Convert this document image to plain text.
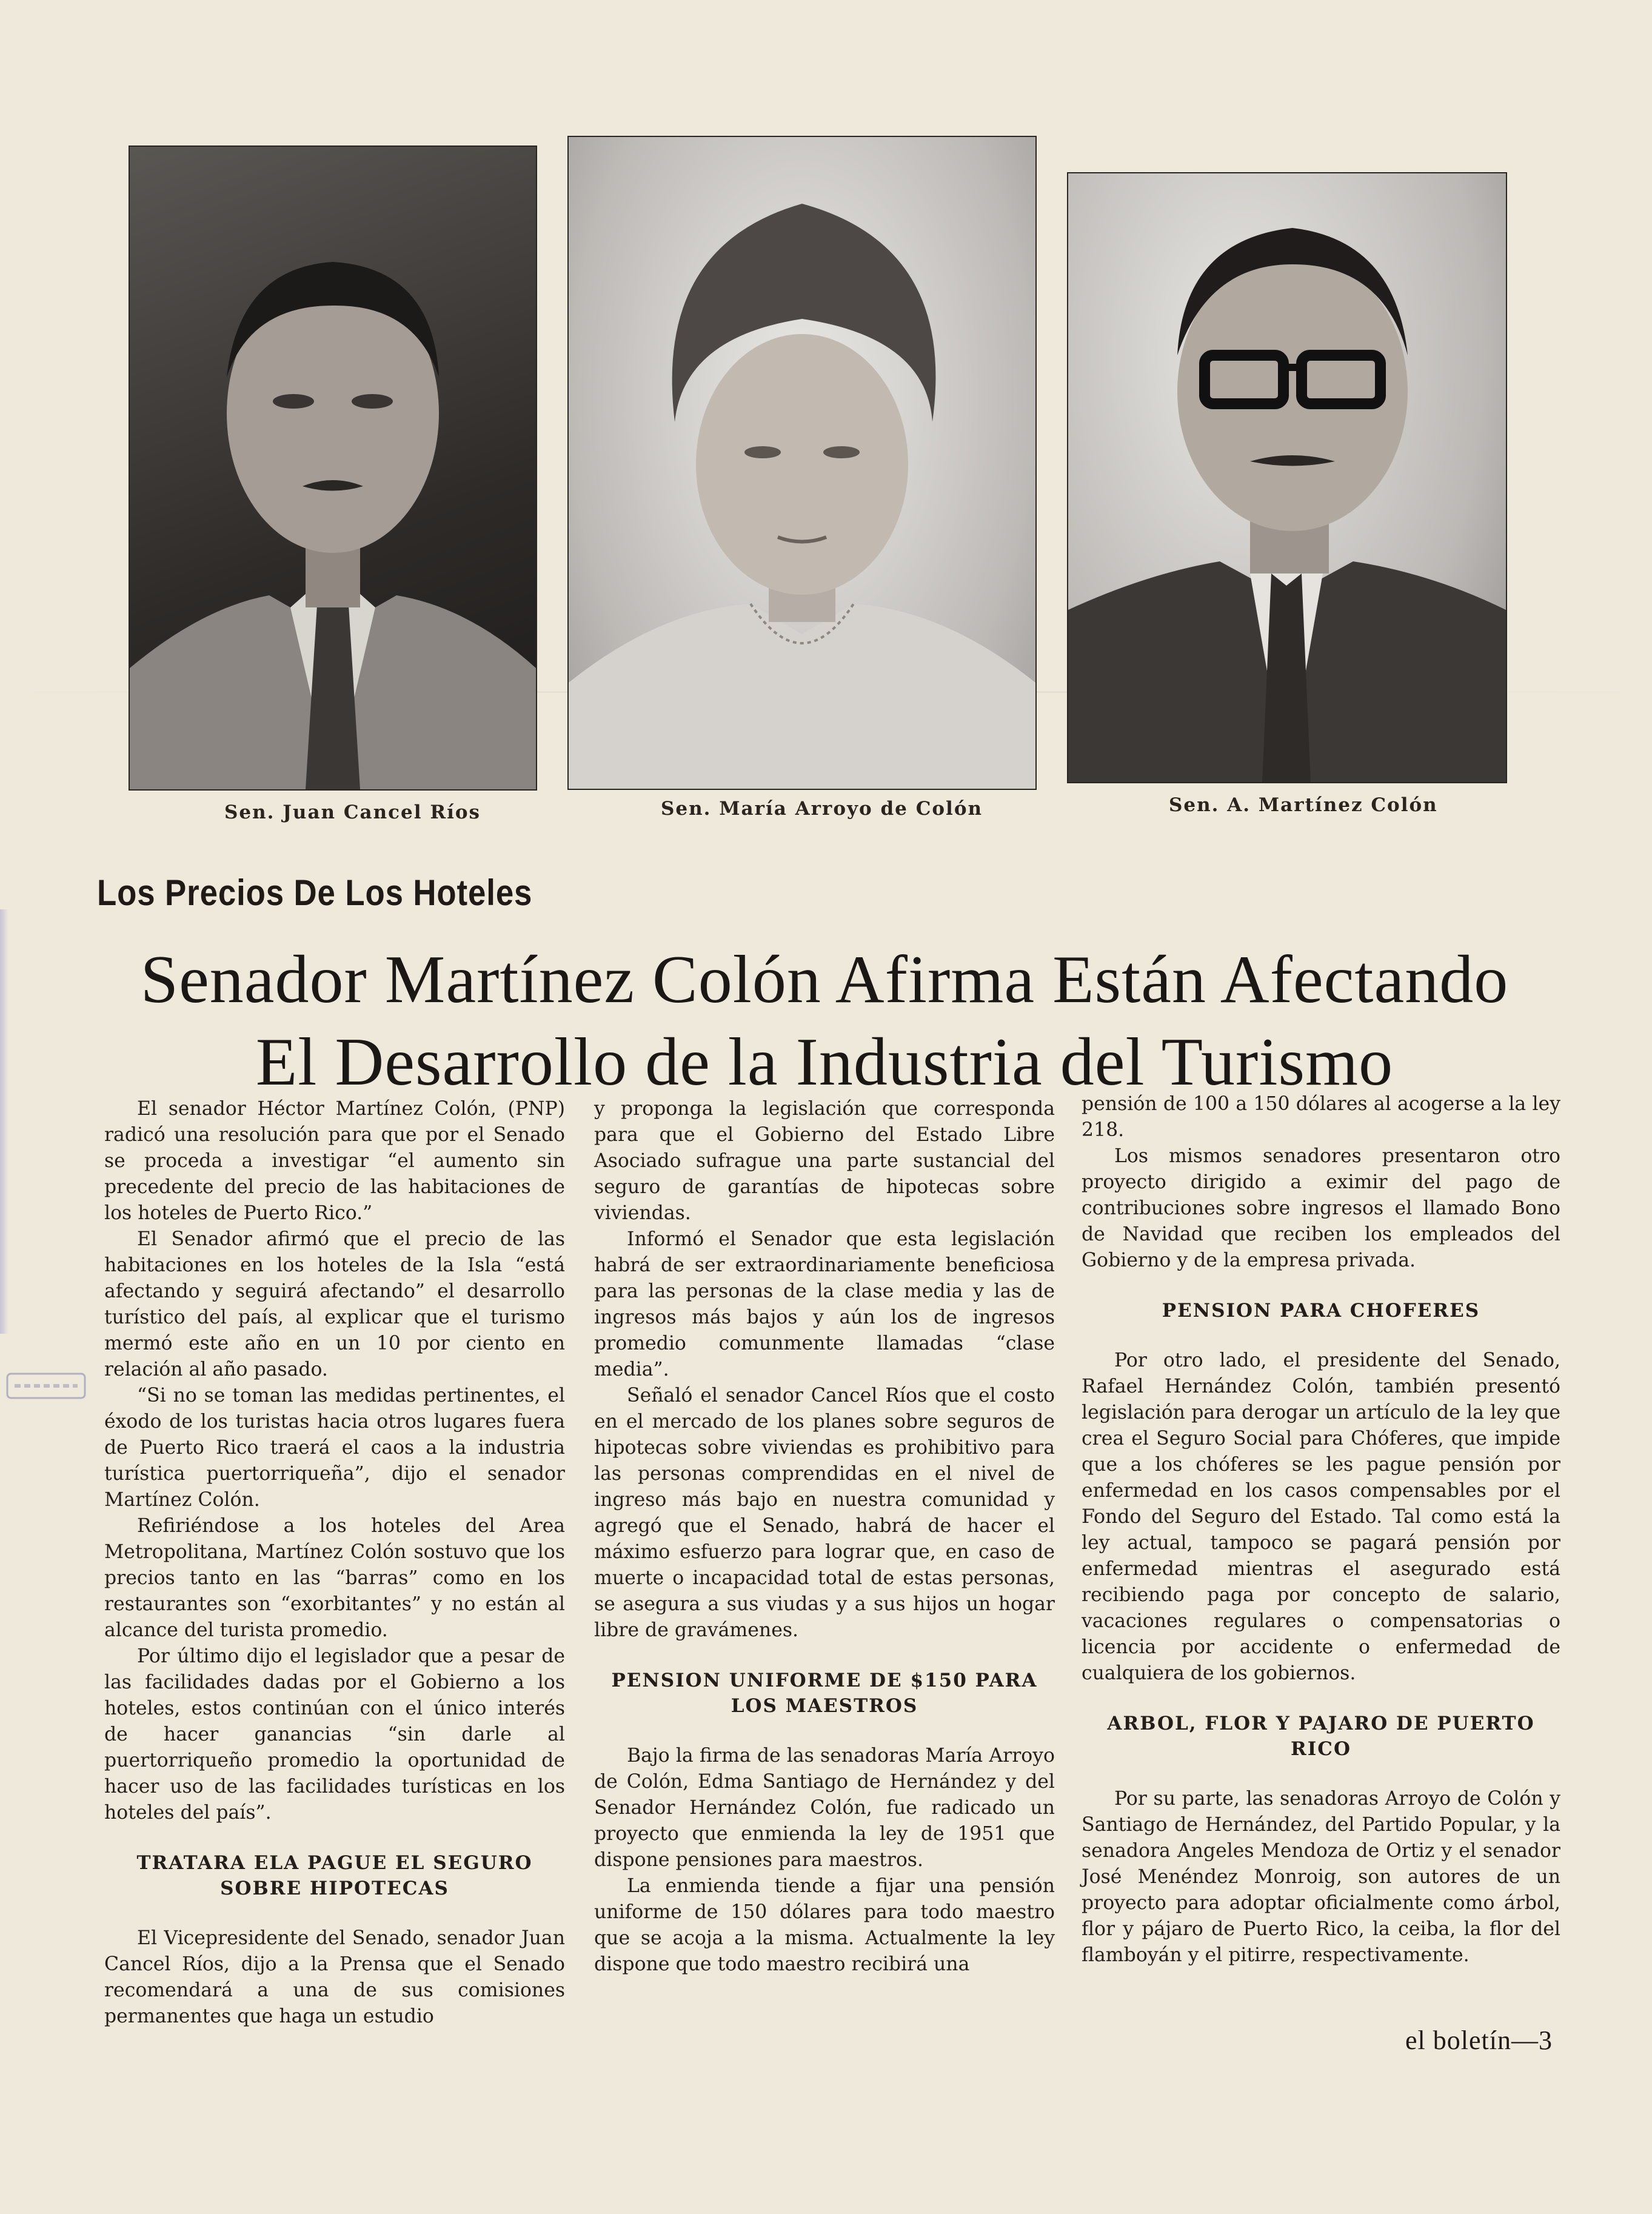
Sen. Juan Cancel Ríos	Sen. María Arroyo de Colón	Sen. A. Martínez Colón
Los Precios De Los Hoteles
Senador Martínez Colón Afirma Están Afectando
El Desarrollo de la Industria del Turismo

El senador Héctor Martínez Colón, (PNP) radicó una resolución para que por el Senado se proceda a investigar “el aumento sin precedente del precio de las habitaciones de los hoteles de Puerto Rico.”

El Senador afirmó que el precio de las habitaciones en los hoteles de la Isla “está afectando y seguirá afectando” el desarrollo turístico del país, al explicar que el turismo mermó este año en un 10 por ciento en relación al año pasado.

“Si no se toman las medidas pertinentes, el éxodo de los turistas hacia otros lugares fuera de Puerto Rico traerá el caos a la industria turística puertorriqueña”, dijo el senador Martínez Colón.

Refiriéndose a los hoteles del Area Metropolitana, Martínez Colón sostuvo que los precios tanto en las “barras” como en los restaurantes son “exorbitantes” y no están al alcance del turista promedio.

Por último dijo el legislador que a pesar de las facilidades dadas por el Gobierno a los hoteles, estos continúan con el único interés de hacer ganancias “sin darle al puertorriqueño promedio la oportunidad de hacer uso de las facilidades turísticas en los hoteles del país”.

TRATARA ELA PAGUE EL SEGURO SOBRE HIPOTECAS

El Vicepresidente del Senado, senador Juan Cancel Ríos, dijo a la Prensa que el Senado recomendará a una de sus comisiones permanentes que haga un estudio

y proponga la legislación que corresponda para que el Gobierno del Estado Libre Asociado sufrague una parte sustancial del seguro de garantías de hipotecas sobre viviendas.

Informó el Senador que esta legislación habrá de ser extraordinariamente beneficiosa para las personas de la clase media y las de ingresos más bajos y aún los de ingresos promedio comunmente llamadas “clase media”.

Señaló el senador Cancel Ríos que el costo en el mercado de los planes sobre seguros de hipotecas sobre viviendas es prohibitivo para las personas comprendidas en el nivel de ingreso más bajo en nuestra comunidad y agregó que el Senado, habrá de hacer el máximo esfuerzo para lograr que, en caso de muerte o incapacidad total de estas personas, se asegura a sus viudas y a sus hijos un hogar libre de gravámenes.

PENSION UNIFORME DE $150 PARA LOS MAESTROS

Bajo la firma de las senadoras María Arroyo de Colón, Edma Santiago de Hernández y del Senador Hernández Colón, fue radicado un proyecto que enmienda la ley de 1951 que dispone pensiones para maestros.

La enmienda tiende a fijar una pensión uniforme de 150 dólares para todo maestro que se acoja a la misma. Actualmente la ley dispone que todo maestro recibirá una

pensión de 100 a 150 dólares al acogerse a la ley 218.

Los mismos senadores presentaron otro proyecto dirigido a eximir del pago de contribuciones sobre ingresos el llamado Bono de Navidad que reciben los empleados del Gobierno y de la empresa privada.

PENSION PARA CHOFERES

Por otro lado, el presidente del Senado, Rafael Hernández Colón, también presentó legislación para derogar un artículo de la ley que crea el Seguro Social para Chóferes, que impide que a los chóferes se les pague pensión por enfermedad en los casos compensables por el Fondo del Seguro del Estado. Tal como está la ley actual, tampoco se pagará pensión por enfermedad mientras el asegurado está recibiendo paga por concepto de salario, vacaciones regulares o compensatorias o licencia por accidente o enfermedad de cualquiera de los gobiernos.

ARBOL, FLOR Y PAJARO DE PUERTO RICO

Por su parte, las senadoras Arroyo de Colón y Santiago de Hernández, del Partido Popular, y la senadora Angeles Mendoza de Ortiz y el senador José Menéndez Monroig, son autores de un proyecto para adoptar oficialmente como árbol, flor y pájaro de Puerto Rico, la ceiba, la flor del flamboyán y el pitirre, respectivamente.

el boletín—3
